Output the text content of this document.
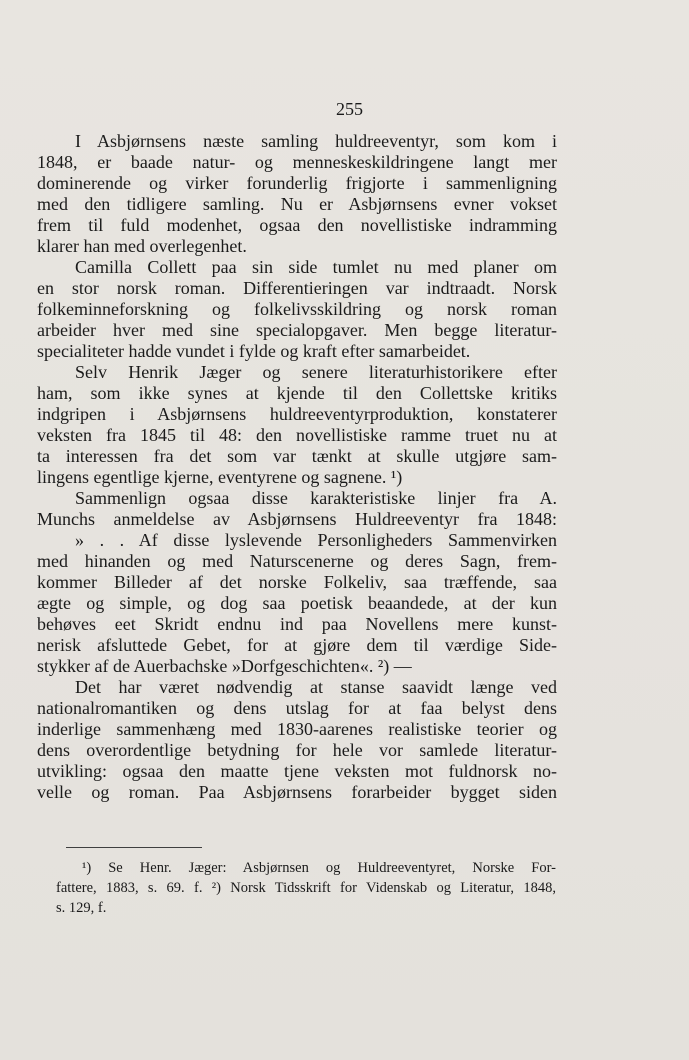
255
I Asbjørnsens næste samling huldreeventyr, som kom i
1848, er baade natur- og menneskeskildringene langt mer
dominerende og virker forunderlig frigjorte i sammenligning
med den tidligere samling. Nu er Asbjørnsens evner vokset
frem til fuld modenhet, ogsaa den novellistiske indramming
klarer han med overlegenhet.
Camilla Collett paa sin side tumlet nu med planer om
en stor norsk roman. Differentieringen var indtraadt. Norsk
folkeminneforskning og folkelivsskildring og norsk roman
arbeider hver med sine specialopgaver. Men begge literatur-
specialiteter hadde vundet i fylde og kraft efter samarbeidet.
Selv Henrik Jæger og senere literaturhistorikere efter
ham, som ikke synes at kjende til den Collettske kritiks
indgripen i Asbjørnsens huldreeventyrproduktion, konstaterer
veksten fra 1845 til 48: den novellistiske ramme truet nu at
ta interessen fra det som var tænkt at skulle utgjøre sam-
lingens egentlige kjerne, eventyrene og sagnene. ¹)
Sammenlign ogsaa disse karakteristiske linjer fra A.
Munchs anmeldelse av Asbjørnsens Huldreeventyr fra 1848:
» . . Af disse lyslevende Personligheders Sammenvirken
med hinanden og med Naturscenerne og deres Sagn, frem-
kommer Billeder af det norske Folkeliv, saa træffende, saa
ægte og simple, og dog saa poetisk beaandede, at der kun
behøves eet Skridt endnu ind paa Novellens mere kunst-
nerisk afsluttede Gebet, for at gjøre dem til værdige Side-
stykker af de Auerbachske »Dorfgeschichten«. ²) —
Det har været nødvendig at stanse saavidt længe ved
nationalromantiken og dens utslag for at faa belyst dens
inderlige sammenhæng med 1830-aarenes realistiske teorier og
dens overordentlige betydning for hele vor samlede literatur-
utvikling: ogsaa den maatte tjene veksten mot fuldnorsk no-
velle og roman. Paa Asbjørnsens forarbeider bygget siden
¹) Se Henr. Jæger: Asbjørnsen og Huldreeventyret, Norske For-
fattere, 1883, s. 69. f. ²) Norsk Tidsskrift for Videnskab og Literatur, 1848,
s. 129, f.
